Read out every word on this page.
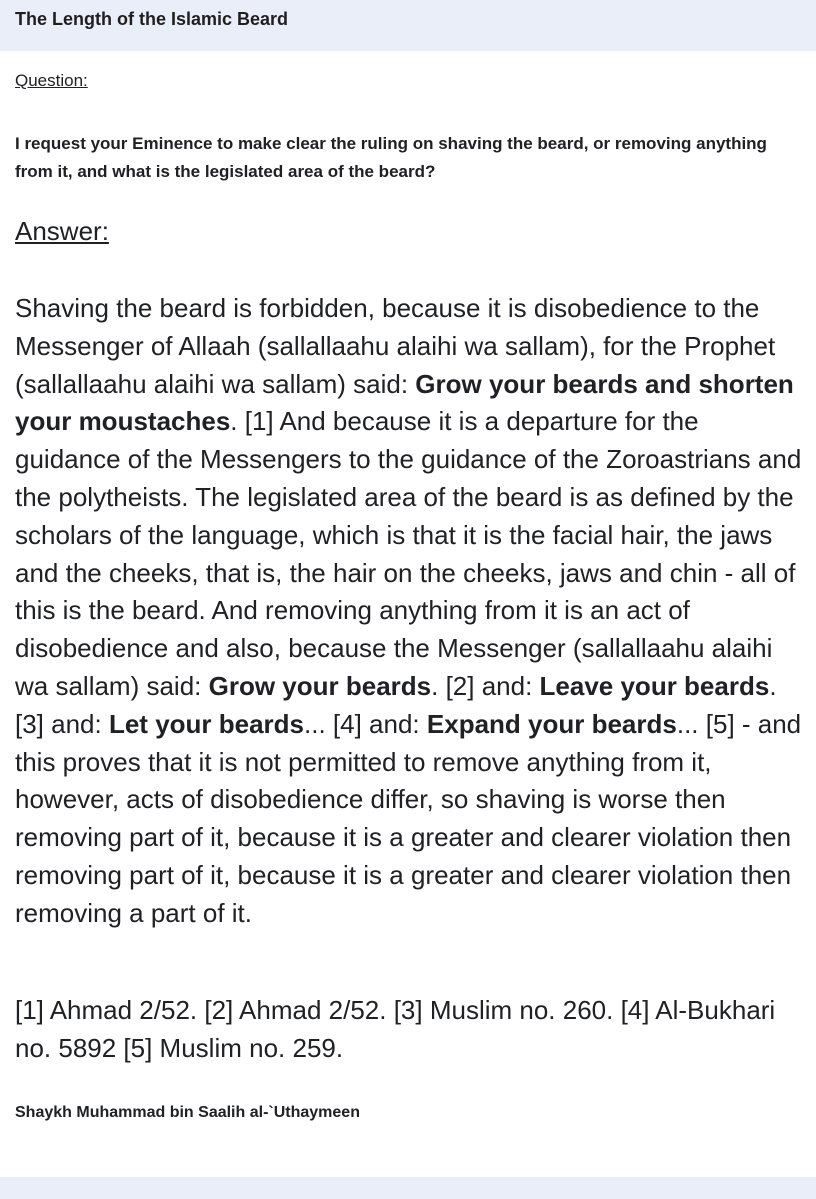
The Length of the Islamic Beard
Question:
I request your Eminence to make clear the ruling on shaving the beard, or removing anything from it, and what is the legislated area of the beard?
Answer:

Shaving the beard is forbidden, because it is disobedience to the Messenger of Allaah (sallallaahu alaihi wa sallam), for the Prophet (sallallaahu alaihi wa sallam) said: Grow your beards and shorten your moustaches. [1] And because it is a departure for the guidance of the Messengers to the guidance of the Zoroastrians and the polytheists. The legislated area of the beard is as defined by the scholars of the language, which is that it is the facial hair, the jaws and the cheeks, that is, the hair on the cheeks, jaws and chin - all of this is the beard. And removing anything from it is an act of disobedience and also, because the Messenger (sallallaahu alaihi wa sallam) said: Grow your beards. [2] and: Leave your beards. [3] and: Let your beards... [4] and: Expand your beards... [5] - and this proves that it is not permitted to remove anything from it, however, acts of disobedience differ, so shaving is worse then removing part of it, because it is a greater and clearer violation then removing part of it, because it is a greater and clearer violation then removing a part of it.

[1] Ahmad 2/52. [2] Ahmad 2/52. [3] Muslim no. 260. [4] Al-Bukhari no. 5892 [5] Muslim no. 259.

Shaykh Muhammad bin Saalih al-`Uthaymeen
